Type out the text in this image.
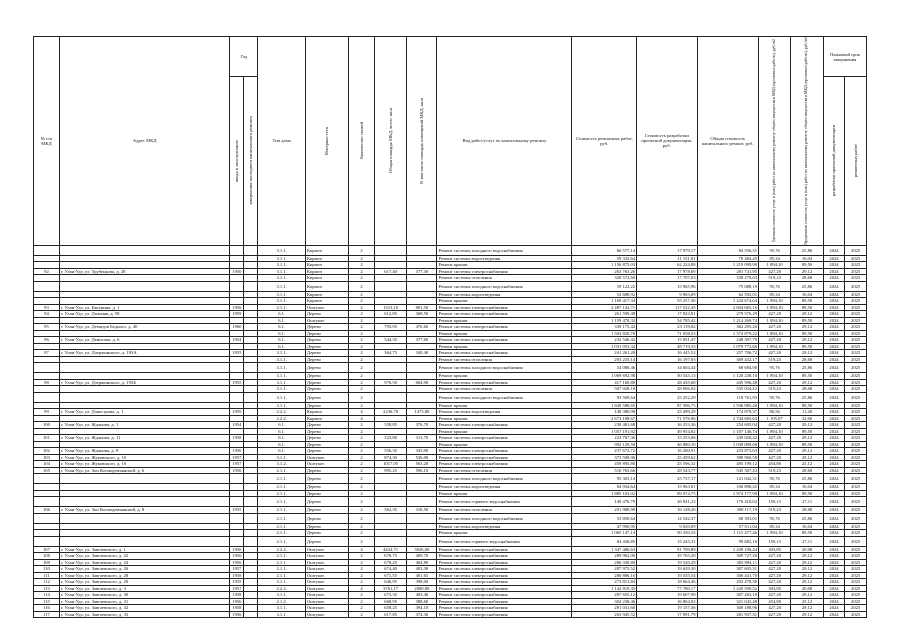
№ п/п МКД	Адрес МКД	Год		Тип дома	Материал стен	Количество этажей	Общая площадь МКД, всего, кв.м	В том числе площадь помещений МКД, кв.м	Вид работ/услуг по капитальному ремонту	Стоимость ремонтных работ, руб.	Стоимость разработки проектной документации, руб.	Общая стоимость капитального ремонт, руб.	Удельная стоимость услуг и (или) работ по капитальному ремонту общего имущества в МКД (проектные работы), руб./м2	Предельная стоимость услуг и (или) работ по капитальному ремонту общего имущества в МКД (проектные работы), руб./м2	Плановый срок завершения	

		ввода в эксплуатацию	завершения последнего капитального ремонта												разработки проектной документации	ремонтных работ

				3.1.1.	Кирпич	2			Ремонт системы холодного водоснабжения	66 577,14	17 979,17	84 556,31	95,76	25,86	2024	2025
				3.1.1.	Кирпич	2			Ремонт системы водоотведения	59 332,64	11 151,81	70 484,45	85,34	16,04	2024	2025
				3.1.1.	Кирпич	2			Ремонт крыши	1 156 875,03	62 224,88	1 219 099,90	1 894,10	89,50	2024	2025
92	г. Улан-Удэ, ул. Трубецкова, д. 28	1950		3.1.1.	Кирпич	2	617,40	377,30	Ремонт системы электроснабжения	263 763,26	17 978,69	281 741,95	427,20	29,12	2024	2025
				3.1.1.	Кирпич	2			Ремонт системы отопления	320 572,60	17 707,03	338 279,63	519,23	28,68	2024	2025
				3.1.1.	Кирпич	2			Ремонт системы холодного водоснабжения	59 122,22	15 965,96	75 088,19	95,76	25,86	2024	2025
				3.1.1.	Кирпич	2			Ремонт системы водоотведения	52 688,92	9 903,09	62 592,01	85,34	16,04	2024	2025
				3.1.1.	Кирпич	2			Ремонт крыши	1 169 417,34	55 257,30	1 224 674,64	1 894,10	89,50	2024	2025
93	г. Улан-Удэ, ул. Бакунина, д. 1	1956		2.1.1.	Оштукат.	2	1313,10	801,50	Ремонт системы электроснабжения	2 487 142,71	117 522,45	2 604 665,16	1 894,10	89,50	2024	2025
94	г. Улан-Удэ, ул. Дальняя, д. 58	1959		6.1.	Дерево	2	612,85	368,50	Ремонт системы электроснабжения	261 599,48	17 823,81	279 576,29	427,20	29,12	2024	2025
				6.1.	Оштукат.	2			Ремонт крыши	1 159 478,32	54 785,42	1 214 269,74	1 894,10	89,50	2024	2025
95	г. Улан-Удэ, ул. Демидов Бедного, д. 40	1960		6.1.	Дерево	2	793,95	476,60	Ремонт системы электроснабжения	339 175,44	23 119,82	362 295,26	427,20	29,12	2024	2025
				6.1.	Дерево	2			Ремонт крыши	1 503 820,70	71 058,53	1 574 879,22	1 894,10	89,50	2024	2025
96	г. Улан-Удэ, ул. Денисова, д. 6	1954		6.1.	Дерево	2	544,35	377,60	Ремонт системы электроснабжения	232 546,32	15 851,47	248 397,79	427,20	29,12	2024	2025
				6.1.	Дерево	2			Ремонт крыши	1 031 053,34	48 719,33	1 079 772,66	1 894,10	89,50	2024	2025
97	г. Улан-Удэ, ул. Дзержинского, д. 193А	1955		3.1.1.	Дерево	2	364,75	340,40	Ремонт системы электроснабжения	241 261,20	16 445,52	257 706,72	427,20	29,12	2024	2025
				3.1.1.	Дерево	2			Ремонт системы отопления	293 235,14	16 197,03	309 432,17	519,23	28,68	2024	2025
				3.1.1.	Дерево	2			Ремонт системы холодного водоснабжения	54 080,46	14 604,44	68 684,90	95,76	25,86	2024	2025
				3.1.1.	Дерево	2			Ремонт крыши	1 069 692,98	50 545,13	1 120 238,10	1 894,10	89,50	2024	2025
98	г. Улан-Удэ, ул. Дзержинского, д. 193Б	1955		3.1.1.	Дерево	2	976,50	604,90	Ремонт системы электроснабжения	417 160,80	28 435,68	445 596,48	427,20	29,12	2024	2025
				3.1.1.	Дерево	2			Ремонт системы отопления	507 028,10	28 006,02	535 034,12	519,23	28,68	2024	2025
				3.1.1.	Дерево	2			Ремонт системы холодного водоснабжения	93 509,64	25 252,29	118 761,93	95,76	25,86	2024	2025
				3.1.1.	Дерево	2			Ремонт крыши	1 849 588,65	87 396,75	1 936 985,40	1 894,10	89,50	2024	2025
99	г. Улан-Удэ, ул. Дзнестрова, д. 1	1959		2.2.2.	Кирпич	4	2236,78	1473,80	Ремонт системы водоотведения	148 380,08	25 499,29	174 879,37	86,56	11,40	2024	2025
				2.2.2.	Кирпич	4			Ремонт крыши	2 673 108,67	71 576,96	2 744 685,63	1 195,07	32,00	2024	2025
100	г. Улан-Удэ, ул. Жданова, д. 1	1954		6.1.	Дерево	2	558,85	376,70	Ремонт системы электроснабжения	238 481,68	16 253,36	254 695,04	427,20	29,12	2024	2025
				6.1.	Дерево	2			Ремонт крыши	1 057 191,92	49 954,82	1 107 146,74	1 894,10	89,50	2024	2025
101	г. Улан-Удэ, ул. Жданова, д. 11	1958		6.1.	Дерево	2	523,80	313,70	Ремонт системы электроснабжения	223 767,36	15 253,06	239 020,42	427,20	29,12	2024	2025
				6.1.	Дерево	2			Ремонт крыши	992 129,58	46 880,10	1 039 009,68	1 894,10	89,50	2024	2025
102	г. Улан-Удэ, ул. Жданова, д. 8	1956		6.1.	Дерево	2	556,35	335,00	Ремонт системы электроснабжения	237 672,72	16 200,91	253 873,63	427,20	29,12	2024	2025
103	г. Улан-Удэ, ул. Жуковского, д. 1б	1957		3.1.1.	Оштукат.	2	874,30	536,00	Ремонт системы электроснабжения	373 500,96	25 459,62	398 960,58	427,20	29,12	2024	2025
104	г. Улан-Удэ, ул. Жуковского, д. 1б	1957		3.1.2.	Оштукат.	2	1017,05	563,20	Ремонт системы электроснабжения	459 895,80	25 596,32	485 199,12	454,80	25,12	2024	2025
105	г. Улан-Удэ, ул. Зои Космодемьянской, д. 6	1956		2.1.1.	Дерево	2	995,25	596,10	Ремонт системы отопления	516 763,66	28 543,77	545 307,43	519,23	28,68	2024	2025
				2.1.1.	Дерево	2			Ремонт системы холодного водоснабжения	95 303,14	25 737,17	121 042,31	95,76	25,86	2024	2025
				2.1.1.	Дерево	2			Ремонт системы водоотведения	84 934,64	15 963,81	100 898,45	85,34	16,04	2024	2025
				2.1.1.	Дерево	2			Ремонт крыши	1 885 103,02	89 074,75	1 974 177,90	1 894,10	89,50	2024	2025
				2.1.1.	Дерево	2			Ремонт системы горячего водоснабжения	149 476,79	26 941,23	176 418,02	150,15	27,11	2024	2025
106	г. Улан-Удэ, ул. Зои Космодемьянской, д. 8	1955		2.1.1.	Дерево	2	562,35	318,50	Ремонт системы отопления	291 988,99	16 128,20	308 117,19	519,23	28,68	2024	2025
				2.1.1.	Дерево	2			Ремонт системы холодного водоснабжения	53 850,64	14 542,37	68 393,01	95,76	25,86	2024	2025
				2.1.1.	Дерево	2			Ремонт системы водоотведения	47 990,95	9 020,09	57 011,04	85,34	16,04	2024	2025
				2.1.1.	Дерево	2			Ремонт крыши	1 065 147,14	50 330,33	1 115 477,46	1 894,10	89,50	2024	2025
				2.1.1.	Дерево	2			Ремонт системы горячего водоснабжения	84 436,85	15 245,31	99 682,16	150,15	27,11	2024	2025
107	г. Улан-Удэ, ул. Завгаевского, д. 1	1956		2.2.2.	Оштукат.	4	4434,71	3026,00	Ремонт системы электроснабжения	1 347 486,63	91 709,89	1 439 196,44	303,85	20,08	2024	2025
108	г. Улан-Удэ, ул. Завгаевского, д. 22	1956		2.1.1.	Оштукат.	2	678,75	409,70	Ремонт системы электроснабжения	289 962,00	19 765,20	309 727,20	427,20	29,12	2024	2025
109	г. Улан-Удэ, ул. Завгаевского, д. 24	1956		2.1.1.	Оштукат.	2	670,25	404,80	Ремонт системы электроснабжения	286 330,80	19 520,29	305 894,11	427,20	29,12	2024	2025
110	г. Улан-Удэ, ул. Завгаевского, д. 26	1957		2.1.1.	Оштукат.	2	674,40	403,30	Ремонт системы электроснабжения	287 975,52	19 629,30	307 605,31	427,20	29,12	2024	2025
111	г. Улан-Удэ, ул. Завгаевского, д. 28	1958		2.1.1.	Оштукат.	2	671,55	401,65	Ремонт системы электроснабжения	286 886,16	19 555,54	306 441,70	427,20	29,12	2024	2025
112	г. Улан-Удэ, ул. Завгаевского, д. 29	1955		3.1.1.	Оштукат.	2	640,95	398,00	Ремонт системы электроснабжения	273 813,84	18 664,46	292 478,30	427,20	29,12	2024	2025
113	г. Улан-Удэ, ул. Завгаевского, д. 3	1957		2.2.2.	Оштукат.	4	3761,17	2000,80	Ремонт системы электроснабжения	1 142 819,35	77 780,17	1 220 599,52	303,85	20,08	2024	2025
114	г. Улан-Удэ, ул. Завгаевского, д. 30	1958		3.1.1.	Оштукат.	2	673,35	403,40	Ремонт системы электроснабжения	287 655,12	19 607,98	307 263,10	427,20	29,12	2024	2025
115	г. Улан-Удэ, ул. Завгаевского, д. 31	1956		2.1.2.	Оштукат.	2	668,95	388,60	Ремонт системы электроснабжения	304 238,46	16 804,02	321 042,48	454,80	25,12	2024	2025
116	г. Улан-Удэ, ул. Завгаевского, д. 32	1958		3.1.1.	Оштукат.	2	658,25	394,10	Ремонт системы электроснабжения	281 031,60	19 157,36	300 188,96	427,20	29,12	2024	2025
117	г. Улан-Удэ, ул. Завгаевского, д. 33	1956		3.1.1.	Оштукат.	2	617,85	374,30	Ремонт системы электроснабжения	263 945,52	17 991,79	281 937,31	427,20	29,12	2024	2025
